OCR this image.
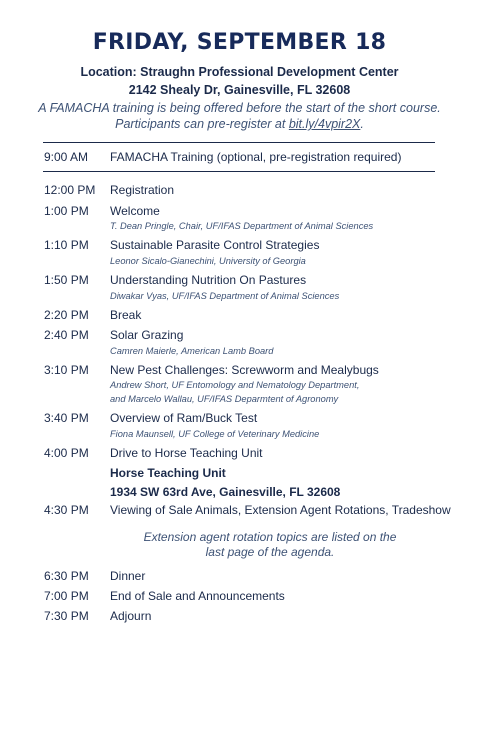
FRIDAY, SEPTEMBER 18
Location: Straughn Professional Development Center
2142 Shealy Dr, Gainesville, FL 32608
A FAMACHA training is being offered before the start of the short course.
Participants can pre-register at bit.ly/4vpir2X.
9:00 AM FAMACHA Training (optional, pre-registration required)
12:00 PM Registration
1:00 PM Welcome
T. Dean Pringle, Chair, UF/IFAS Department of Animal Sciences
1:10 PM Sustainable Parasite Control Strategies
Leonor Sicalo-Gianechini, University of Georgia
1:50 PM Understanding Nutrition On Pastures
Diwakar Vyas, UF/IFAS Department of Animal Sciences
2:20 PM Break
2:40 PM Solar Grazing
Camren Maierle, American Lamb Board
3:10 PM New Pest Challenges: Screwworm and Mealybugs
Andrew Short, UF Entomology and Nematology Department,
and Marcelo Wallau, UF/IFAS Deparmtent of Agronomy
3:40 PM Overview of Ram/Buck Test
Fiona Maunsell, UF College of Veterinary Medicine
4:00 PM Drive to Horse Teaching Unit
Horse Teaching Unit
1934 SW 63rd Ave, Gainesville, FL 32608
4:30 PM Viewing of Sale Animals, Extension Agent Rotations, Tradeshow
Extension agent rotation topics are listed on the
last page of the agenda.
6:30 PM Dinner
7:00 PM End of Sale and Announcements
7:30 PM Adjourn
